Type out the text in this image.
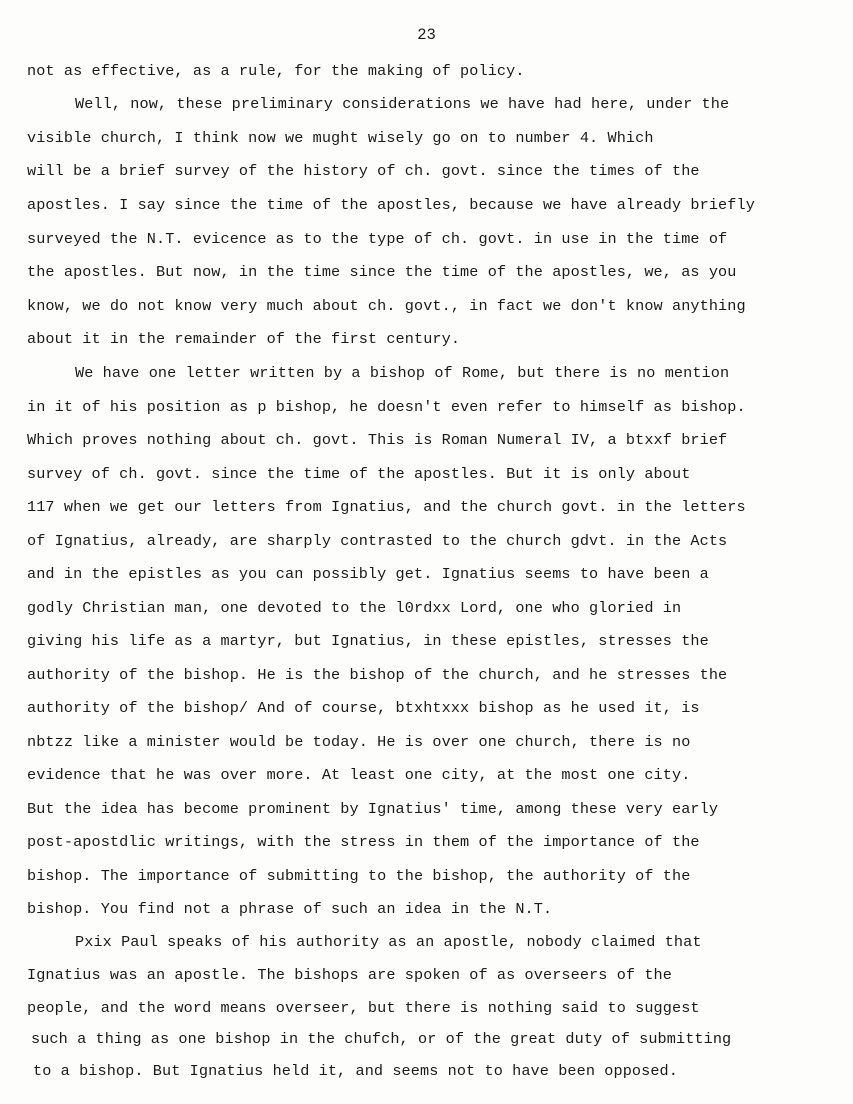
23
not as effective, as a rule, for the making of policy.
Well, now, these preliminary considerations we have had here, under the
visible church, I think now we mught wisely go on to number 4. Which
will be a brief survey of the history of ch. govt. since the times of the
apostles. I say since the time of the apostles, because we have already briefly
surveyed the N.T. evicence as to the type of ch. govt. in use in the time of
the apostles. But now, in the time since the time of the apostles, we, as you
know, we do not know very much about ch. govt., in fact we don't know anything
about it in the remainder of the first century.
We have one letter written by a bishop of Rome, but there is no mention
in it of his position as p bishop, he doesn't even refer to himself as bishop.
Which proves nothing about ch. govt. This is Roman Numeral IV, a btxxf brief
survey of ch. govt. since the time of the apostles. But it is only about
117 when we get our letters from Ignatius, and the church govt. in the letters
of Ignatius, already, are sharply contrasted to the church gdvt. in the Acts
and in the epistles as you can possibly get. Ignatius seems to have been a
godly Christian man, one devoted to the l0rdxx Lord, one who gloried in
giving his life as a martyr, but Ignatius, in these epistles, stresses the
authority of the bishop. He is the bishop of the church, and he stresses the
authority of the bishop/ And of course, btxhtxxx bishop as he used it, is
nbtzz like a minister would be today. He is over one church, there is no
evidence that he was over more. At least one city, at the most one city.
But the idea has become prominent by Ignatius' time, among these very early
post-apostdlic writings, with the stress in them of the importance of the
bishop. The importance of submitting to the bishop, the authority of the
bishop. You find not a phrase of such an idea in the N.T.
Pxix Paul speaks of his authority as an apostle, nobody claimed that
Ignatius was an apostle. The bishops are spoken of as overseers of the
people, and the word means overseer, but there is nothing said to suggest
such a thing as one bishop in the chufch, or of the great duty of submitting
to a bishop. But Ignatius held it, and seems not to have been opposed.
